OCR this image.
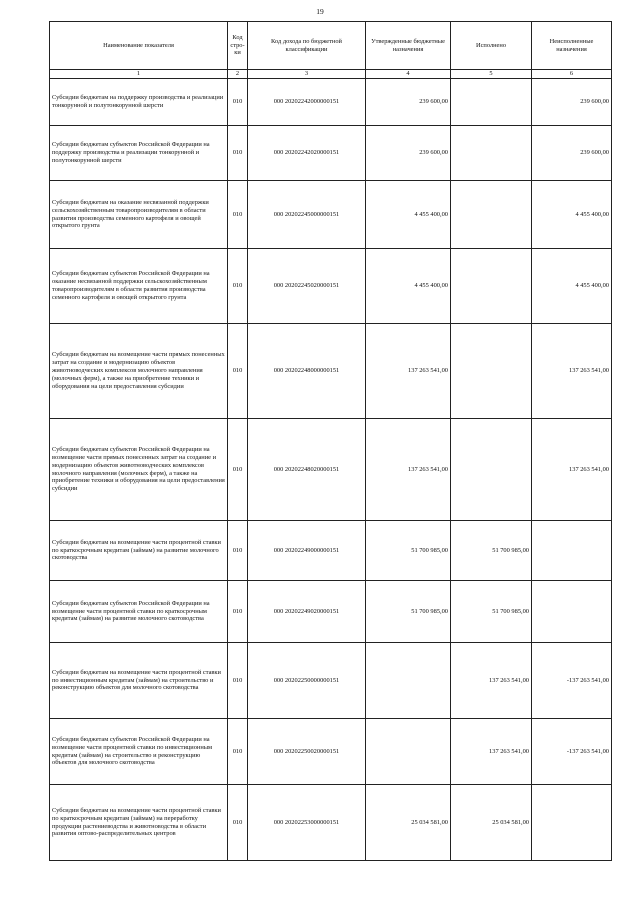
19
Наименование показателя	Код стро-ки	Код дохода по бюджетной классификации	Утвержденные бюджетные назначения	Исполнено	Неисполненные назначения
1	2	3	4	5	6
Субсидии бюджетам на поддержку производства и реализации тонкорунной и полутонкорунной шерсти	010	000 20202242000000151	239 600,00		239 600,00
Субсидии бюджетам субъектов Российской Федерации на поддержку производства и реализации тонкорунной и полутонкорунной шерсти	010	000 20202242020000151	239 600,00		239 600,00
Субсидии бюджетам на оказание несвязанной поддержки сельскохозяйственным товаропроизводителям в области развития производства семенного картофеля и овощей открытого грунта	010	000 20202245000000151	4 455 400,00		4 455 400,00
Субсидии бюджетам субъектов Российской Федерации на оказание несвязанной поддержки сельскохозяйственным товаропроизводителям в области развития производства семенного картофеля и овощей открытого грунта	010	000 20202245020000151	4 455 400,00		4 455 400,00
Субсидии бюджетам на возмещение части прямых понесенных затрат на создание и модернизацию объектов животноводческих комплексов молочного направления (молочных ферм), а также на приобретение техники и оборудования на цели предоставления субсидии	010	000 20202248000000151	137 263 541,00		137 263 541,00
Субсидии бюджетам субъектов Российской Федерации на возмещение части прямых понесенных затрат на создание и модернизацию объектов животноводческих комплексов молочного направления (молочных ферм), а также на приобретение техники и оборудования на цели предоставления субсидии	010	000 20202248020000151	137 263 541,00		137 263 541,00
Субсидии бюджетам на возмещение части процентной ставки по краткосрочным кредитам (займам) на развитие молочного скотоводства	010	000 20202249000000151	51 700 985,00	51 700 985,00	
Субсидии бюджетам субъектов Российской Федерации на возмещение части процентной ставки по краткосрочным кредитам (займам) на развитие молочного скотоводства	010	000 20202249020000151	51 700 985,00	51 700 985,00	
Субсидии бюджетам на возмещение части процентной ставки по инвестиционным кредитам (займам) на строительство и реконструкцию объектов для молочного скотоводства	010	000 20202250000000151		137 263 541,00	-137 263 541,00
Субсидии бюджетам субъектов Российской Федерации на возмещение части процентной ставки по инвестиционным кредитам (займам) на строительство и реконструкцию объектов для молочного скотоводства	010	000 20202250020000151		137 263 541,00	-137 263 541,00
Субсидии бюджетам на возмещение части процентной ставки по краткосрочным кредитам (займам) на переработку продукции растениеводства и животноводства в области развития оптово-распределительных центров	010	000 20202253000000151	25 034 581,00	25 034 581,00	
